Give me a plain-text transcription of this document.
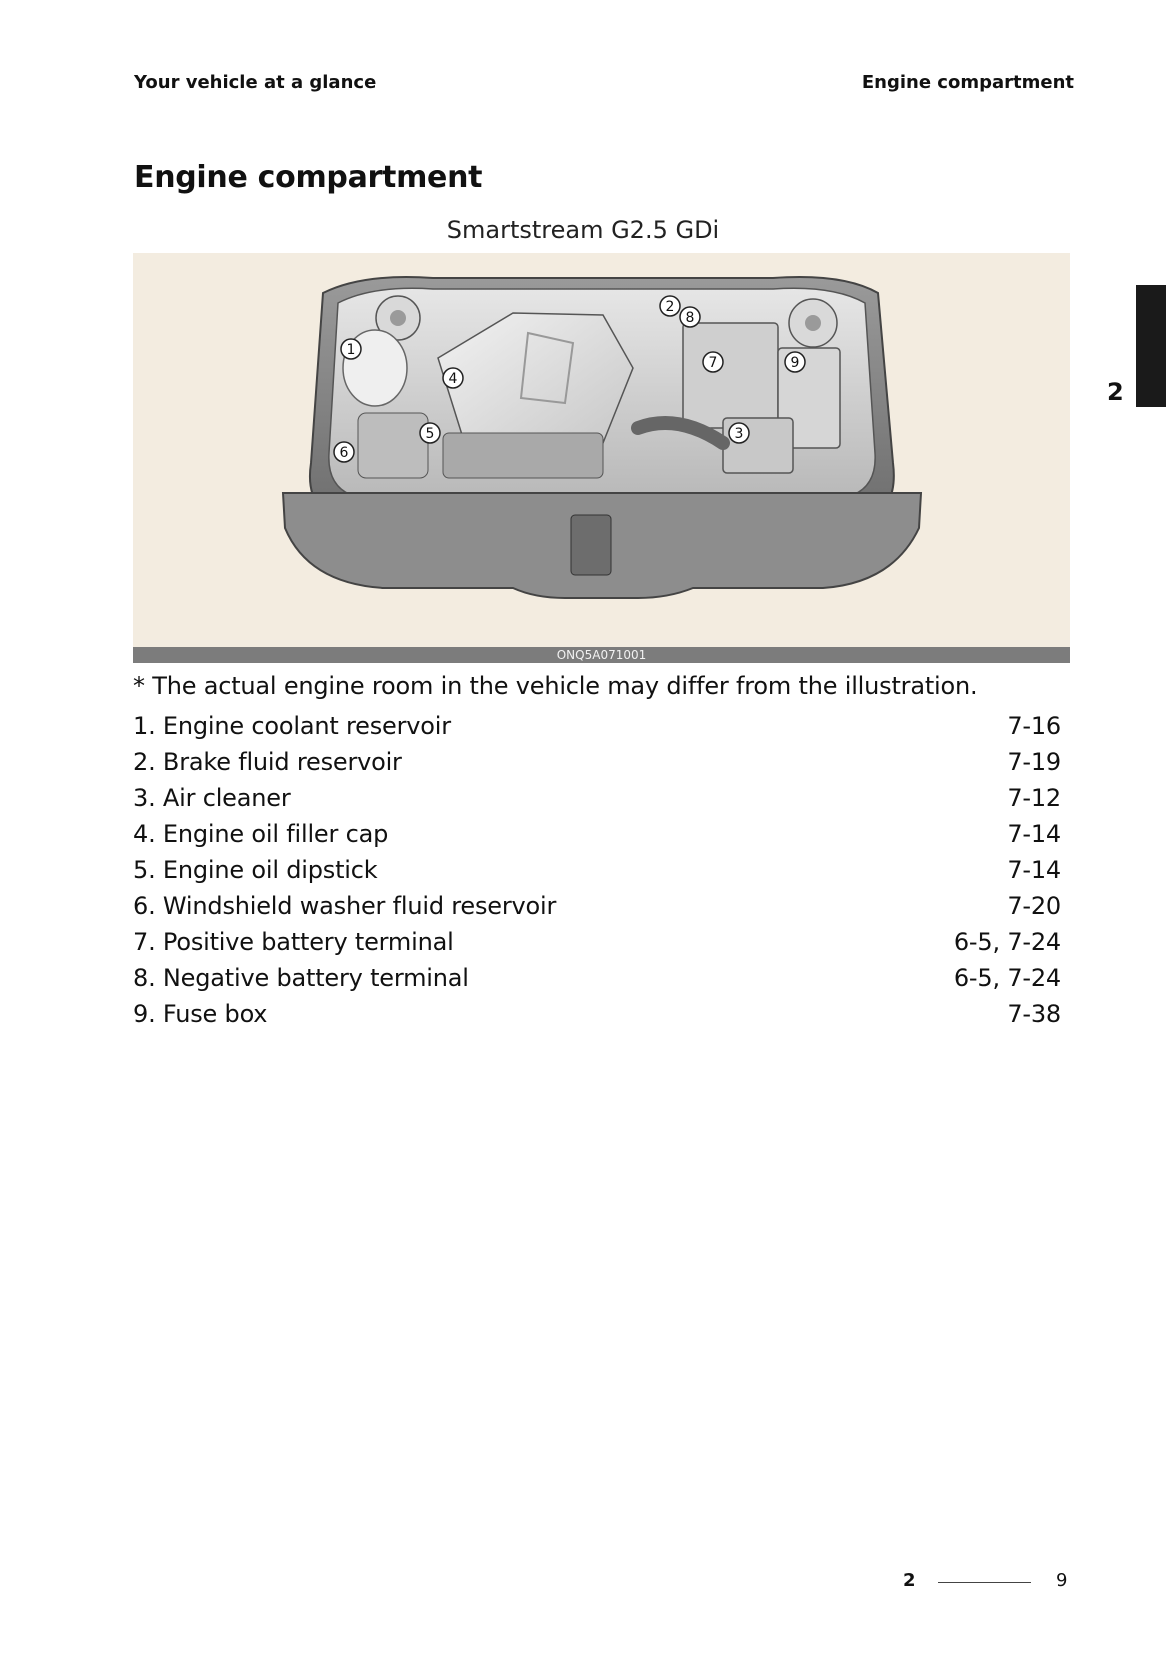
Your vehicle at a glance	Engine compartment
Engine compartment
Smartstream G2.5 GDi
1
2
3
4
5
6
7
8
9
ONQ5A071001
2
* The actual engine room in the vehicle may differ from the illustration.
1. Engine coolant reservoir	7-16
2. Brake fluid reservoir	7-19
3. Air cleaner	7-12
4. Engine oil filler cap	7-14
5. Engine oil dipstick	7-14
6. Windshield washer fluid reservoir	7-20
7. Positive battery terminal	6-5, 7-24
8. Negative battery terminal	6-5, 7-24
9. Fuse box	7-38
2	9
